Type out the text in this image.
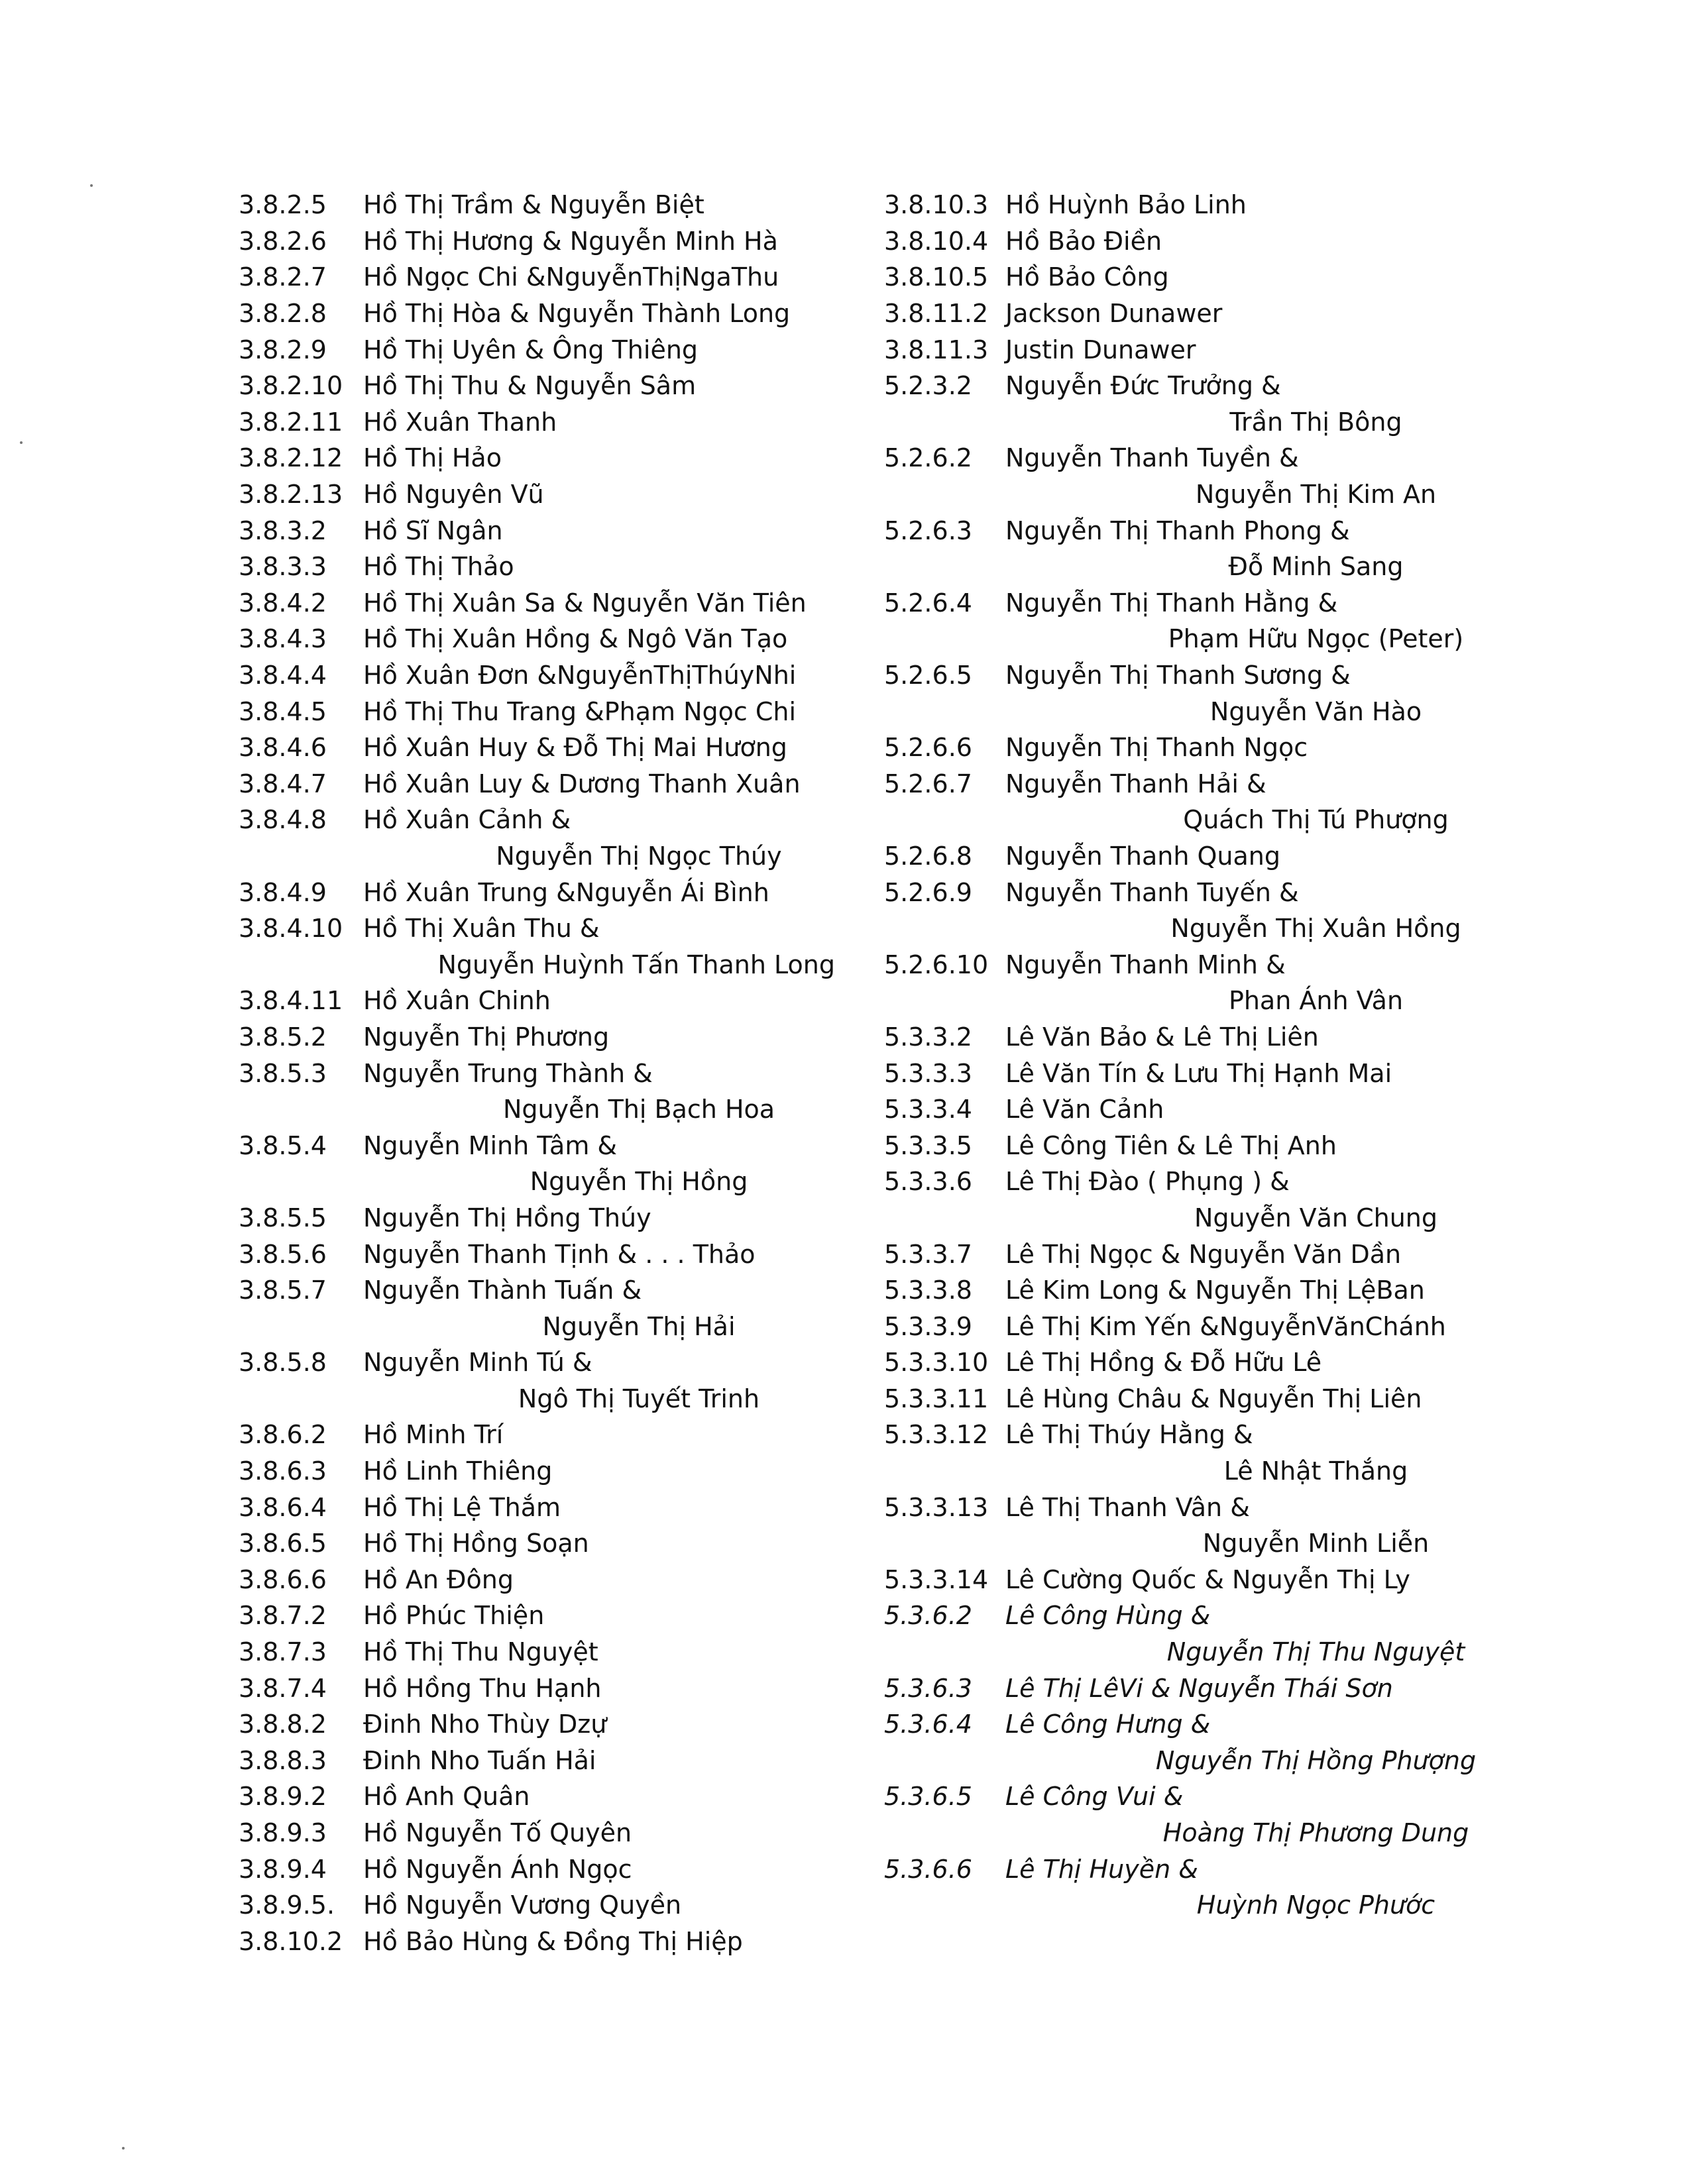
3.8.2.5	Hồ Thị Trầm & Nguyễn Biệt
3.8.2.6	Hồ Thị Hương & Nguyễn Minh Hà
3.8.2.7	Hồ Ngọc Chi &NguyễnThịNgaThu
3.8.2.8	Hồ Thị Hòa & Nguyễn Thành Long
3.8.2.9	Hồ Thị Uyên & Ông Thiêng
3.8.2.10 Hồ Thị Thu & Nguyễn Sâm
3.8.2.11 Hồ Xuân Thanh
3.8.2.12 Hồ Thị Hảo
3.8.2.13 Hồ Nguyên Vũ
3.8.3.2	Hồ Sĩ Ngân
3.8.3.3	Hồ Thị Thảo
3.8.4.2	Hồ Thị Xuân Sa & Nguyễn Văn Tiên
3.8.4.3	Hồ Thị Xuân Hồng & Ngô Văn Tạo
3.8.4.4	Hồ Xuân Đơn &NguyễnThịThúyNhi
3.8.4.5	Hồ Thị Thu Trang &Phạm Ngọc Chi
3.8.4.6	Hồ Xuân Huy & Đỗ Thị Mai Hương
3.8.4.7	Hồ Xuân Luy & Dương Thanh Xuân
3.8.4.8	Hồ Xuân Cảnh &
Nguyễn Thị Ngọc Thúy
3.8.4.9	Hồ Xuân Trung &Nguyễn Ái Bình
3.8.4.10 Hồ Thị Xuân Thu &
Nguyễn Huỳnh Tấn Thanh Long
3.8.4.11 Hồ Xuân Chinh
3.8.5.2	Nguyễn Thị Phương
3.8.5.3	Nguyễn Trung Thành &
Nguyễn Thị Bạch Hoa
3.8.5.4	Nguyễn Minh Tâm &
Nguyễn Thị Hồng
3.8.5.5	Nguyễn Thị Hồng Thúy
3.8.5.6	Nguyễn Thanh Tịnh & . . . Thảo
3.8.5.7	Nguyễn Thành Tuấn &
Nguyễn Thị Hải
3.8.5.8	Nguyễn Minh Tú &
Ngô Thị Tuyết Trinh
3.8.6.2	Hồ Minh Trí
3.8.6.3	Hồ Linh Thiêng
3.8.6.4	Hồ Thị Lệ Thắm
3.8.6.5	Hồ Thị Hồng Soạn
3.8.6.6	Hồ An Đông
3.8.7.2	Hồ Phúc Thiện
3.8.7.3	Hồ Thị Thu Nguyệt
3.8.7.4	Hồ Hồng Thu Hạnh
3.8.8.2	Đinh Nho Thùy Dzự
3.8.8.3	Đinh Nho Tuấn Hải
3.8.9.2	Hồ Anh Quân
3.8.9.3	Hồ Nguyễn Tố Quyên
3.8.9.4	Hồ Nguyễn Ánh Ngọc
3.8.9.5.	Hồ Nguyễn Vương Quyền
3.8.10.2 Hồ Bảo Hùng & Đồng Thị Hiệp
3.8.10.3 Hồ Huỳnh Bảo Linh
3.8.10.4 Hồ Bảo Điền
3.8.10.5 Hồ Bảo Công
3.8.11.2 Jackson Dunawer
3.8.11.3 Justin Dunawer
5.2.3.2	Nguyễn Đức Trưởng &
Trần Thị Bông
5.2.6.2	Nguyễn Thanh Tuyền &
Nguyễn Thị Kim An
5.2.6.3	Nguyễn Thị Thanh Phong &
Đỗ Minh Sang
5.2.6.4	Nguyễn Thị Thanh Hằng &
Phạm Hữu Ngọc (Peter)
5.2.6.5	Nguyễn Thị Thanh Sương &
Nguyễn Văn Hào
5.2.6.6	Nguyễn Thị Thanh Ngọc
5.2.6.7	Nguyễn Thanh Hải &
Quách Thị Tú Phượng
5.2.6.8	Nguyễn Thanh Quang
5.2.6.9	Nguyễn Thanh Tuyến &
Nguyễn Thị Xuân Hồng
5.2.6.10 Nguyễn Thanh Minh &
Phan Ánh Vân
5.3.3.2	Lê Văn Bảo & Lê Thị Liên
5.3.3.3	Lê Văn Tín & Lưu Thị Hạnh Mai
5.3.3.4	Lê Văn Cảnh
5.3.3.5	Lê Công Tiên & Lê Thị Anh
5.3.3.6	Lê Thị Đào ( Phụng ) &
Nguyễn Văn Chung
5.3.3.7	Lê Thị Ngọc & Nguyễn Văn Dần
5.3.3.8	Lê Kim Long & Nguyễn Thị LệBan
5.3.3.9	Lê Thị Kim Yến &NguyễnVănChánh
5.3.3.10 Lê Thị Hồng & Đỗ Hữu Lê
5.3.3.11 Lê Hùng Châu & Nguyễn Thị Liên
5.3.3.12 Lê Thị Thúy Hằng &
Lê Nhật Thắng
5.3.3.13 Lê Thị Thanh Vân &
Nguyễn Minh Liễn
5.3.3.14 Lê Cường Quốc & Nguyễn Thị Ly
5.3.6.2	Lê Công Hùng &
Nguyễn Thị Thu Nguyệt
5.3.6.3	Lê Thị LêVi & Nguyễn Thái Sơn
5.3.6.4	Lê Công Hưng &
Nguyễn Thị Hồng Phượng
5.3.6.5	Lê Công Vui &
Hoàng Thị Phương Dung
5.3.6.6	Lê Thị Huyền &
Huỳnh Ngọc Phước
